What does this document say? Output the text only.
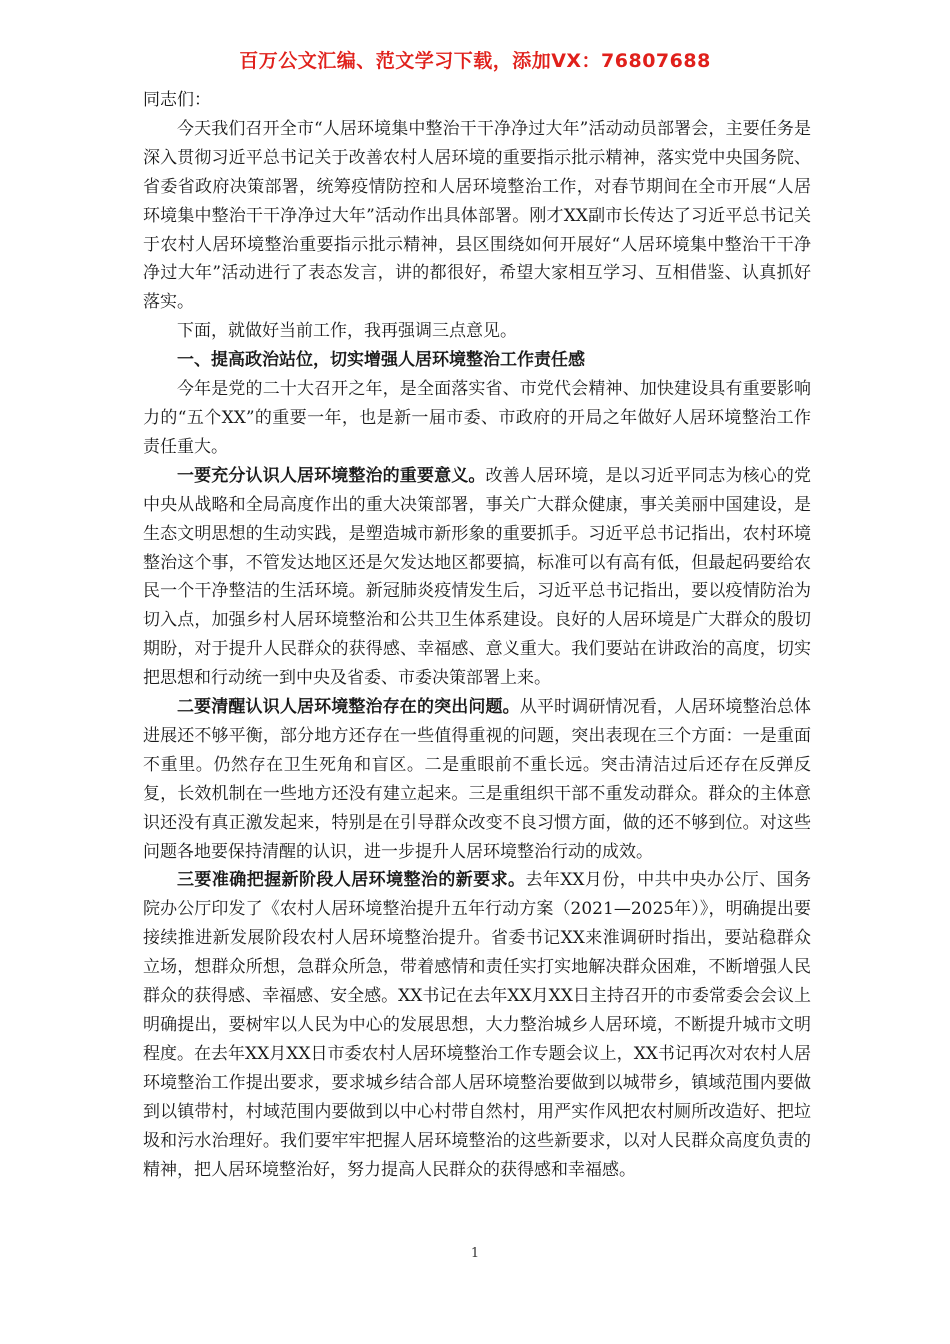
百万公文汇编、范文学习下载，添加VX：76807688

同志们：

今天我们召开全市“人居环境集中整治干干净净过大年”活动动员部署会，主要任务是深入贯彻习近平总书记关于改善农村人居环境的重要指示批示精神，落实党中央国务院、省委省政府决策部署，统筹疫情防控和人居环境整治工作，对春节期间在全市开展“人居环境集中整治干干净净过大年”活动作出具体部署。刚才XX副市长传达了习近平总书记关于农村人居环境整治重要指示批示精神，县区围绕如何开展好“人居环境集中整治干干净净过大年”活动进行了表态发言，讲的都很好，希望大家相互学习、互相借鉴、认真抓好落实。

下面，就做好当前工作，我再强调三点意见。

一、提高政治站位，切实增强人居环境整治工作责任感

今年是党的二十大召开之年，是全面落实省、市党代会精神、加快建设具有重要影响力的“五个XX”的重要一年，也是新一届市委、市政府的开局之年做好人居环境整治工作责任重大。

一要充分认识人居环境整治的重要意义。改善人居环境，是以习近平同志为核心的党中央从战略和全局高度作出的重大决策部署，事关广大群众健康，事关美丽中国建设，是生态文明思想的生动实践，是塑造城市新形象的重要抓手。习近平总书记指出，农村环境整治这个事，不管发达地区还是欠发达地区都要搞，标准可以有高有低，但最起码要给农民一个干净整洁的生活环境。新冠肺炎疫情发生后，习近平总书记指出，要以疫情防治为切入点，加强乡村人居环境整治和公共卫生体系建设。良好的人居环境是广大群众的殷切期盼，对于提升人民群众的获得感、幸福感、意义重大。我们要站在讲政治的高度，切实把思想和行动统一到中央及省委、市委决策部署上来。

二要清醒认识人居环境整治存在的突出问题。从平时调研情况看，人居环境整治总体进展还不够平衡，部分地方还存在一些值得重视的问题，突出表现在三个方面：一是重面不重里。仍然存在卫生死角和盲区。二是重眼前不重长远。突击清洁过后还存在反弹反复，长效机制在一些地方还没有建立起来。三是重组织干部不重发动群众。群众的主体意识还没有真正激发起来，特别是在引导群众改变不良习惯方面，做的还不够到位。对这些问题各地要保持清醒的认识，进一步提升人居环境整治行动的成效。

三要准确把握新阶段人居环境整治的新要求。去年XX月份，中共中央办公厅、国务院办公厅印发了《农村人居环境整治提升五年行动方案（2021—2025年）》，明确提出要接续推进新发展阶段农村人居环境整治提升。省委书记XX来淮调研时指出，要站稳群众立场，想群众所想，急群众所急，带着感情和责任实打实地解决群众困难，不断增强人民群众的获得感、幸福感、安全感。XX书记在去年XX月XX日主持召开的市委常委会会议上明确提出，要树牢以人民为中心的发展思想，大力整治城乡人居环境，不断提升城市文明程度。在去年XX月XX日市委农村人居环境整治工作专题会议上，XX书记再次对农村人居环境整治工作提出要求，要求城乡结合部人居环境整治要做到以城带乡，镇域范围内要做到以镇带村，村域范围内要做到以中心村带自然村，用严实作风把农村厕所改造好、把垃圾和污水治理好。我们要牢牢把握人居环境整治的这些新要求，以对人民群众高度负责的精神，把人居环境整治好，努力提高人民群众的获得感和幸福感。

1
